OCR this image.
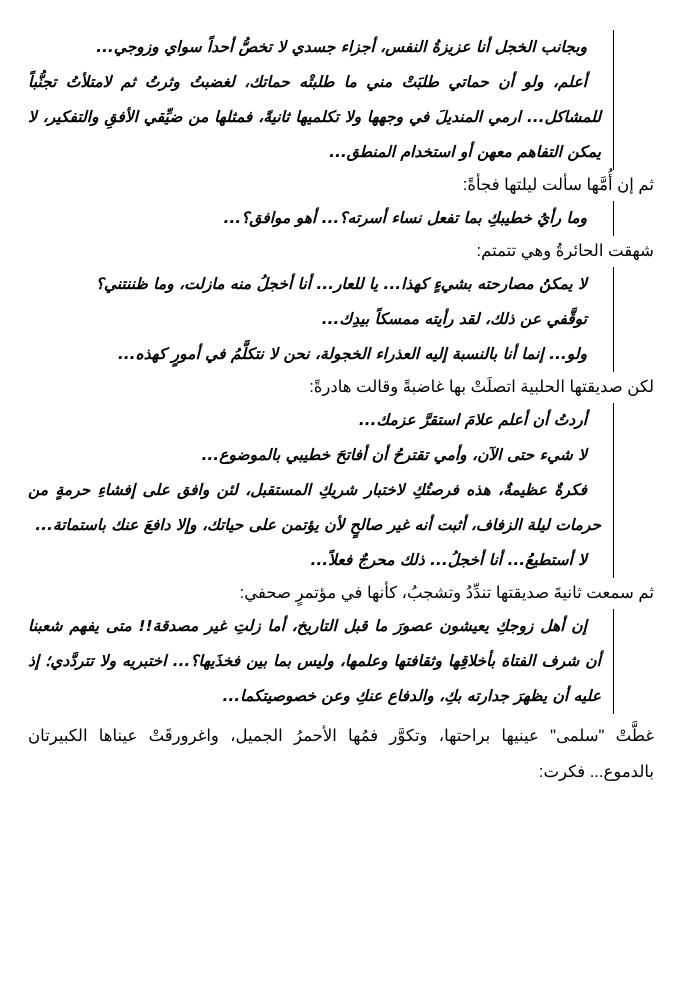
وبجانب الخجل أنا عزيزةُ النفس، أجزاء جسدي لا تخصُّ أحداً سواي وزوجي...

أعلم، ولو أن حماتي طلبَتْ مني ما طلبتْه حماتك، لغضبتُ وثرتُ ثم لامتلأتُ تجنُّباً للمشاكل... ارمي المنديلَ في وجهها ولا تكلميها ثانيةً، فمثلها من ضيِّقي الأفقِ والتفكير، لا يمكن التفاهم معهن أو استخدام المنطق...

ثم إن أُمَّها سألت ليلتها فجأةً:

وما رأيُ خطيبكِ بما تفعل نساء أسرته؟... أهو موافق؟...

شهقت الحائرةُ وهي تتمتم:

لا يمكنُ مصارحته بشيءٍ كهذا... يا للعار... أنا أخجلُ منه مازلت، وما ظننتني؟

توقَّفي عن ذلك، لقد رأيته ممسكاً بيدِك...

ولو... إنما أنا بالنسبة إليه العذراء الخجولة، نحن لا نتكلَّمُ في أمورٍ كهذه...

لكن صديقتها الحلبية اتصلَتْ بها غاضبةً وقالت هادرةً:

أردتُ أن أعلم علامَ استقرَّ عزمك...

لا شيء حتى الآن، وأمي تقترحُ أن أفاتحَ خطيبي بالموضوع...

فكرةٌ عظيمةٌ، هذه فرصتُكِ لاختبار شريكِ المستقبل، لئن وافق على إفشاءِ حرمةٍ من حرمات ليلة الزفاف، أثبت أنه غير صالحٍ لأن يؤتمن على حياتك، وإلا دافعَ عنك باستماتة...

لا أستطيعُ... أنا أخجلُ... ذلك محرجٌ فعلاً...

ثم سمعت ثانيةَ صديقتها تندِّدُ وتشجبُ، كأنها في مؤتمرٍ صحفي:

إن أهل زوجكِ يعيشون عصورَ ما قبل التاريخ، أما زلتِ غير مصدقة!! متى يفهم شعبنا أن شرف الفتاة بأخلاقِها وثقافتها وعلمها، وليس بما بين فخذَيها؟... اختبريه ولا تتردَّدي؛ إذ عليه أن يظهرَ جدارته بكِ، والدفاع عنكِ وعن خصوصيتكما...

غطَّتْ "سلمى" عينيها براحتها، وتكوَّر فمُها الأحمرُ الجميل، واغرورقَتْ عيناها الكبيرتان بالدموع... فكرت:
